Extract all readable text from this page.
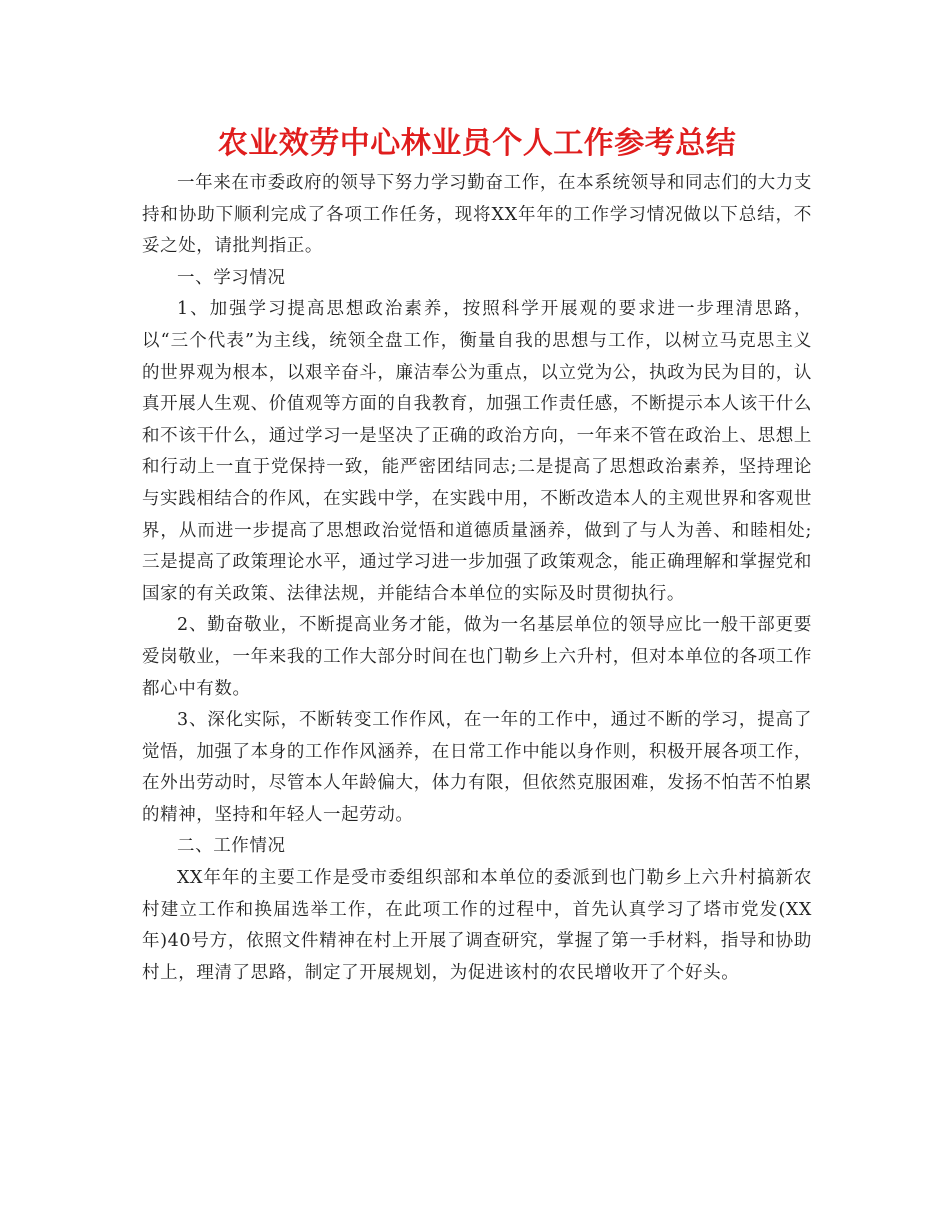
农业效劳中心林业员个人工作参考总结

一年来在市委政府的领导下努力学习勤奋工作，在本系统领导和同志们的大力支持和协助下顺利完成了各项工作任务，现将XX年年的工作学习情况做以下总结，不妥之处，请批判指正。

一、学习情况

1、加强学习提高思想政治素养，按照科学开展观的要求进一步理清思路，以“三个代表”为主线，统领全盘工作，衡量自我的思想与工作，以树立马克思主义的世界观为根本，以艰辛奋斗，廉洁奉公为重点，以立党为公，执政为民为目的，认真开展人生观、价值观等方面的自我教育，加强工作责任感，不断提示本人该干什么和不该干什么，通过学习一是坚决了正确的政治方向，一年来不管在政治上、思想上和行动上一直于党保持一致，能严密团结同志;二是提高了思想政治素养，坚持理论与实践相结合的作风，在实践中学，在实践中用，不断改造本人的主观世界和客观世界，从而进一步提高了思想政治觉悟和道德质量涵养，做到了与人为善、和睦相处;三是提高了政策理论水平，通过学习进一步加强了政策观念，能正确理解和掌握党和国家的有关政策、法律法规，并能结合本单位的实际及时贯彻执行。

2、勤奋敬业，不断提高业务才能，做为一名基层单位的领导应比一般干部更要爱岗敬业，一年来我的工作大部分时间在也门勒乡上六升村，但对本单位的各项工作都心中有数。

3、深化实际，不断转变工作作风，在一年的工作中，通过不断的学习，提高了觉悟，加强了本身的工作作风涵养，在日常工作中能以身作则，积极开展各项工作，在外出劳动时，尽管本人年龄偏大，体力有限，但依然克服困难，发扬不怕苦不怕累的精神，坚持和年轻人一起劳动。

二、工作情况

XX年年的主要工作是受市委组织部和本单位的委派到也门勒乡上六升村搞新农村建立工作和换届选举工作，在此项工作的过程中，首先认真学习了塔市党发(XX年)40号方，依照文件精神在村上开展了调查研究，掌握了第一手材料，指导和协助村上，理清了思路，制定了开展规划，为促进该村的农民增收开了个好头。
